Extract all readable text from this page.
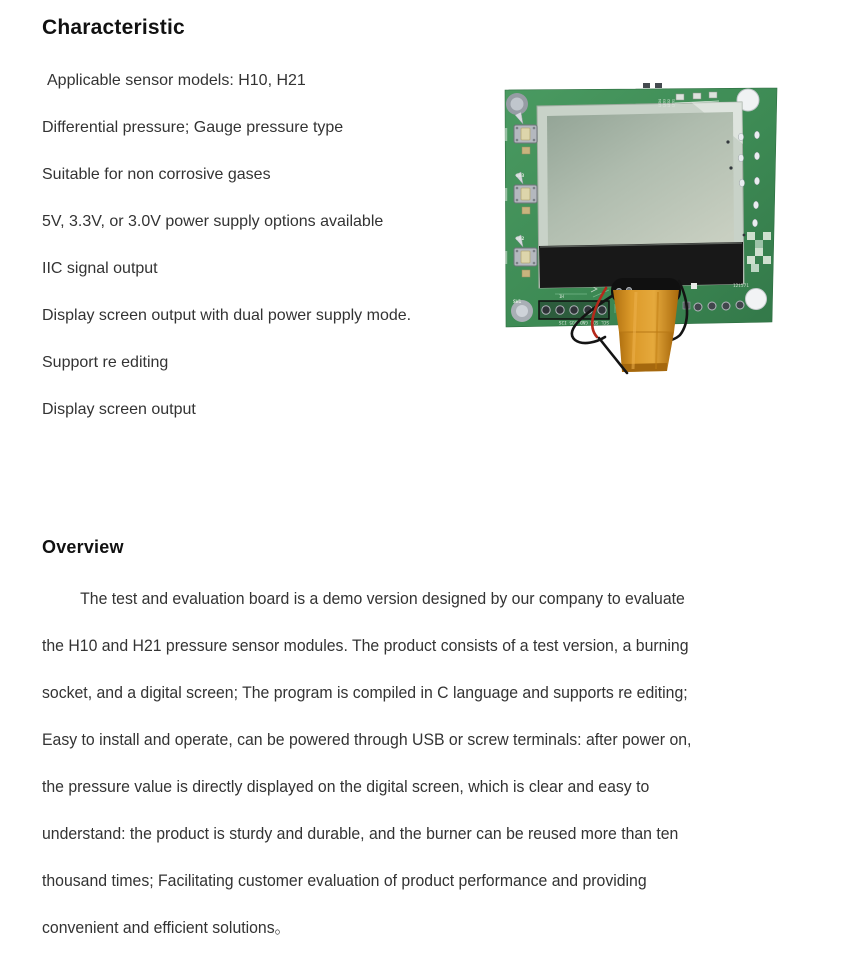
Characteristic

Applicable sensor models: H10, H21

Differential pressure; Gauge pressure type

Suitable for non corrosive gases

5V, 3.3V, or 3.0V power supply options available

IIC signal output

Display screen output with dual power supply mode.

Support re editing

Display screen output

SW3
SW2
SW1
LED4 LED3 LED2 LED1
12i571
1H
SCL SDA GND VO5 I2S
Overview

The test and evaluation board is a demo version designed by our company to evaluate

the H10 and H21 pressure sensor modules. The product consists of a test version, a burning

socket, and a digital screen; The program is compiled in C language and supports re editing;

Easy to install and operate, can be powered through USB or screw terminals: after power on,

the pressure value is directly displayed on the digital screen, which is clear and easy to

understand: the product is sturdy and durable, and the burner can be reused more than ten

thousand times; Facilitating customer evaluation of product performance and providing

convenient and efficient solutions。
